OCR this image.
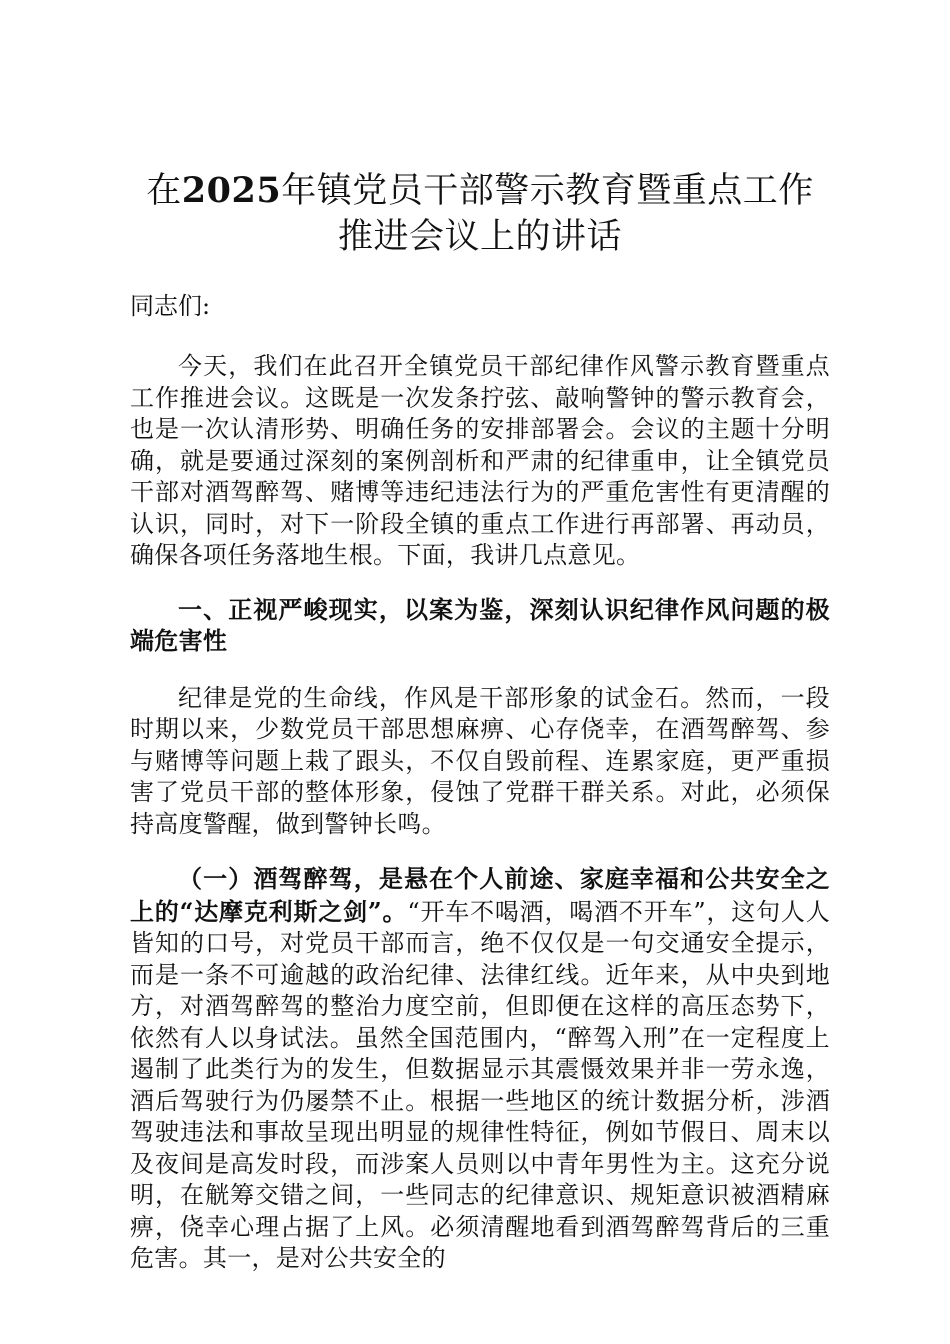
在2025年镇党员干部警示教育暨重点工作推进会议上的讲话
同志们:

今天，我们在此召开全镇党员干部纪律作风警示教育暨重点工作推进会议。这既是一次发条拧弦、敲响警钟的警示教育会，也是一次认清形势、明确任务的安排部署会。会议的主题十分明确，就是要通过深刻的案例剖析和严肃的纪律重申，让全镇党员干部对酒驾醉驾、赌博等违纪违法行为的严重危害性有更清醒的认识，同时，对下一阶段全镇的重点工作进行再部署、再动员，确保各项任务落地生根。下面，我讲几点意见。

一、正视严峻现实，以案为鉴，深刻认识纪律作风问题的极端危害性

纪律是党的生命线，作风是干部形象的试金石。然而，一段时期以来，少数党员干部思想麻痹、心存侥幸，在酒驾醉驾、参与赌博等问题上栽了跟头，不仅自毁前程、连累家庭，更严重损害了党员干部的整体形象，侵蚀了党群干群关系。对此，必须保持高度警醒，做到警钟长鸣。

（一）酒驾醉驾，是悬在个人前途、家庭幸福和公共安全之上的“达摩克利斯之剑”。“开车不喝酒，喝酒不开车”，这句人人皆知的口号，对党员干部而言，绝不仅仅是一句交通安全提示，而是一条不可逾越的政治纪律、法律红线。近年来，从中央到地方，对酒驾醉驾的整治力度空前，但即便在这样的高压态势下，依然有人以身试法。虽然全国范围内，“醉驾入刑”在一定程度上遏制了此类行为的发生，但数据显示其震慑效果并非一劳永逸，酒后驾驶行为仍屡禁不止。根据一些地区的统计数据分析，涉酒驾驶违法和事故呈现出明显的规律性特征，例如节假日、周末以及夜间是高发时段，而涉案人员则以中青年男性为主。这充分说明，在觥筹交错之间，一些同志的纪律意识、规矩意识被酒精麻痹，侥幸心理占据了上风。必须清醒地看到酒驾醉驾背后的三重危害。其一，是对公共安全的
